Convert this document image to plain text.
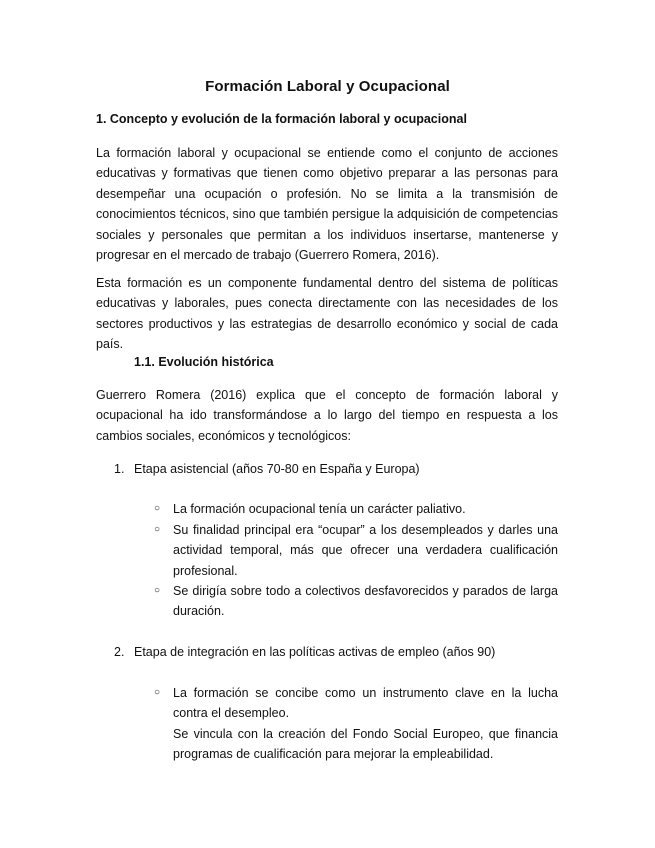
Formación Laboral y Ocupacional
1. Concepto y evolución de la formación laboral y ocupacional

La formación laboral y ocupacional se entiende como el conjunto de acciones educativas y formativas que tienen como objetivo preparar a las personas para desempeñar una ocupación o profesión. No se limita a la transmisión de conocimientos técnicos, sino que también persigue la adquisición de competencias sociales y personales que permitan a los individuos insertarse, mantenerse y progresar en el mercado de trabajo (Guerrero Romera, 2016).

Esta formación es un componente fundamental dentro del sistema de políticas educativas y laborales, pues conecta directamente con las necesidades de los sectores productivos y las estrategias de desarrollo económico y social de cada país.

1.1. Evolución histórica

Guerrero Romera (2016) explica que el concepto de formación laboral y ocupacional ha ido transformándose a lo largo del tiempo en respuesta a los cambios sociales, económicos y tecnológicos:

1. Etapa asistencial (años 70-80 en España y Europa)
○ La formación ocupacional tenía un carácter paliativo.
○ Su finalidad principal era “ocupar” a los desempleados y darles una actividad temporal, más que ofrecer una verdadera cualificación profesional.
○ Se dirigía sobre todo a colectivos desfavorecidos y parados de larga duración.
2. Etapa de integración en las políticas activas de empleo (años 90)
○ La formación se concibe como un instrumento clave en la lucha contra el desempleo.
Se vincula con la creación del Fondo Social Europeo, que financia programas de cualificación para mejorar la empleabilidad.
